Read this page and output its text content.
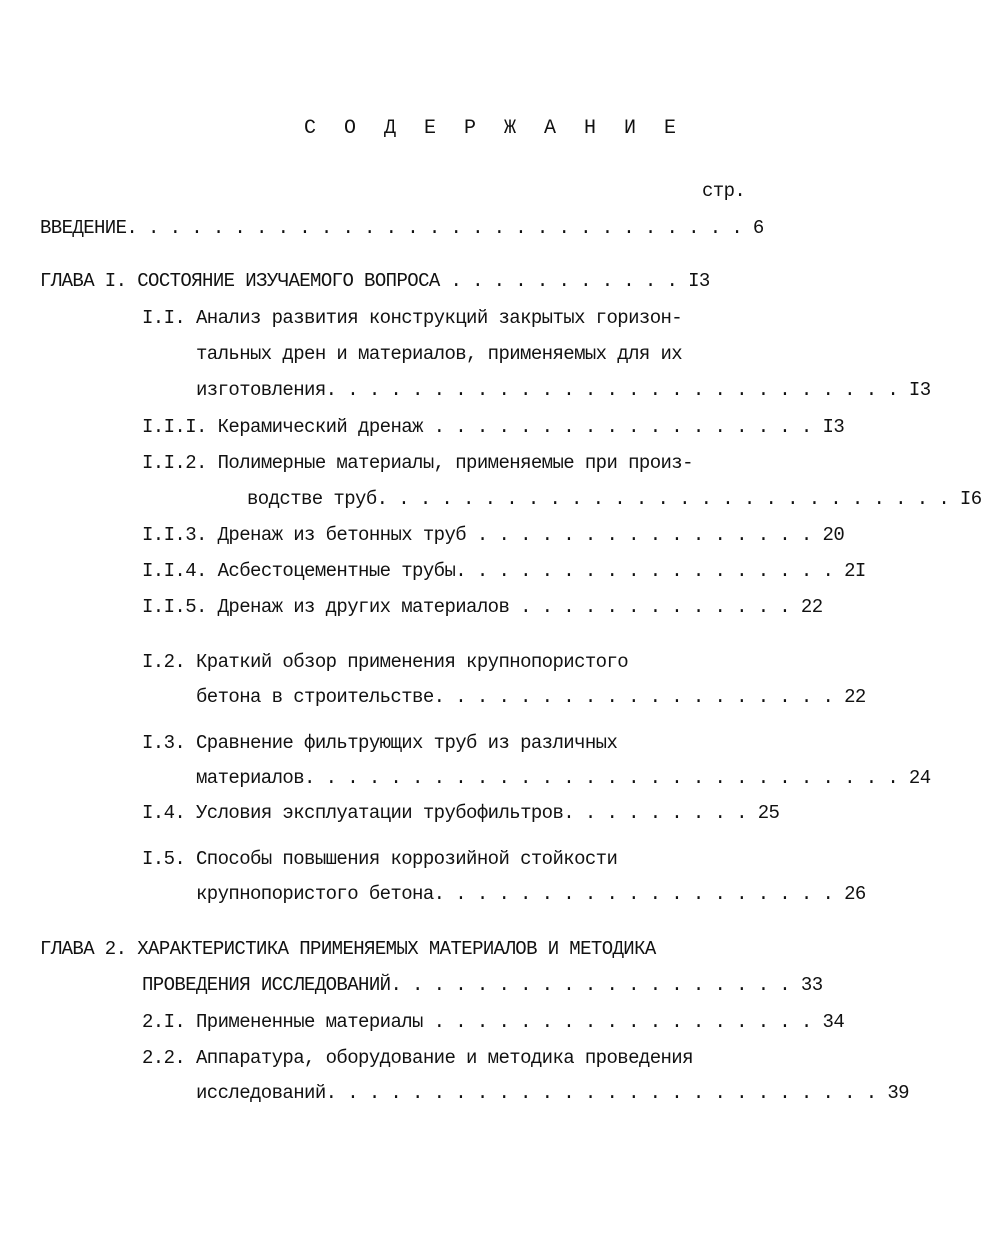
С О Д Е Р Ж А Н И Е
стр.
ВВЕДЕНИЕ. . . . . . . . . . . . . . . . . . . . . . . . . . . . . 6
ГЛАВА I. СОСТОЯНИЕ ИЗУЧАЕМОГО ВОПРОСА . . . . . . . . . . . I3
I.I. Анализ развития конструкций закрытых горизон-
тальных дрен и материалов, применяемых для их
изготовления. . . . . . . . . . . . . . . . . . . . . . . . . . . I3
I.I.I. Керамический дренаж . . . . . . . . . . . . . . . . . . I3
I.I.2. Полимерные материалы, применяемые при произ-
водстве труб. . . . . . . . . . . . . . . . . . . . . . . . . . . I6
I.I.3. Дренаж из бетонных труб . . . . . . . . . . . . . . . . 20
I.I.4. Асбестоцементные трубы. . . . . . . . . . . . . . . . . . 2I
I.I.5. Дренаж из других материалов . . . . . . . . . . . . . 22
I.2. Краткий обзор применения крупнопористого
бетона в строительстве. . . . . . . . . . . . . . . . . . . 22
I.3. Сравнение фильтрующих труб из различных
материалов. . . . . . . . . . . . . . . . . . . . . . . . . . . . 24
I.4. Условия эксплуатации трубофильтров. . . . . . . . . 25
I.5. Способы повышения коррозийной стойкости
крупнопористого бетона. . . . . . . . . . . . . . . . . . . 26
ГЛАВА 2. ХАРАКТЕРИСТИКА ПРИМЕНЯЕМЫХ МАТЕРИАЛОВ И МЕТОДИКА
ПРОВЕДЕНИЯ ИССЛЕДОВАНИЙ. . . . . . . . . . . . . . . . . . . 33
2.I. Примененные материалы . . . . . . . . . . . . . . . . . . 34
2.2. Аппаратура, оборудование и методика проведения
исследований. . . . . . . . . . . . . . . . . . . . . . . . . . 39
